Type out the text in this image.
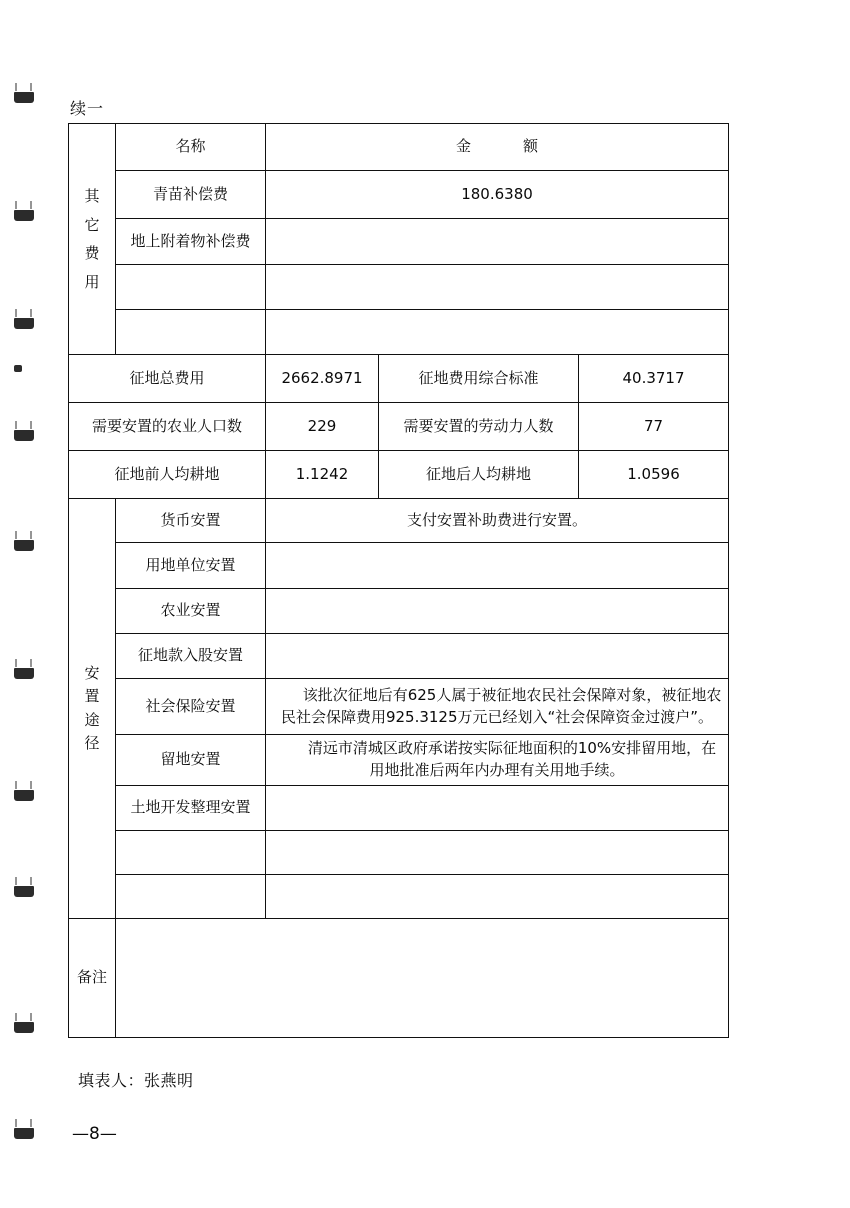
续一
其
它
费
用	名称	金 额		
	青苗补偿费	180.6380		
	地上附着物补偿费			

征地总费用		2662.8971	征地费用综合标准	40.3717
需要安置的农业人口数		229	需要安置的劳动力人数	77
征地前人均耕地		1.1242	征地后人均耕地	1.0596

安
置
途
径	货币安置	支付安置补助费进行安置。		
	用地单位安置			
	农业安置			
	征地款入股安置			
	社会保险安置	该批次征地后有625人属于被征地农民社会保障对象，被征地农民社会保障费用925.3125万元已经划入“社会保障资金过渡户”。		

	留地安置	清远市清城区政府承诺按实际征地面积的10%安排留用地，在用地批准后两年内办理有关用地手续。		

	土地开发整理安置			

备注				
填表人：张燕明
—8—
